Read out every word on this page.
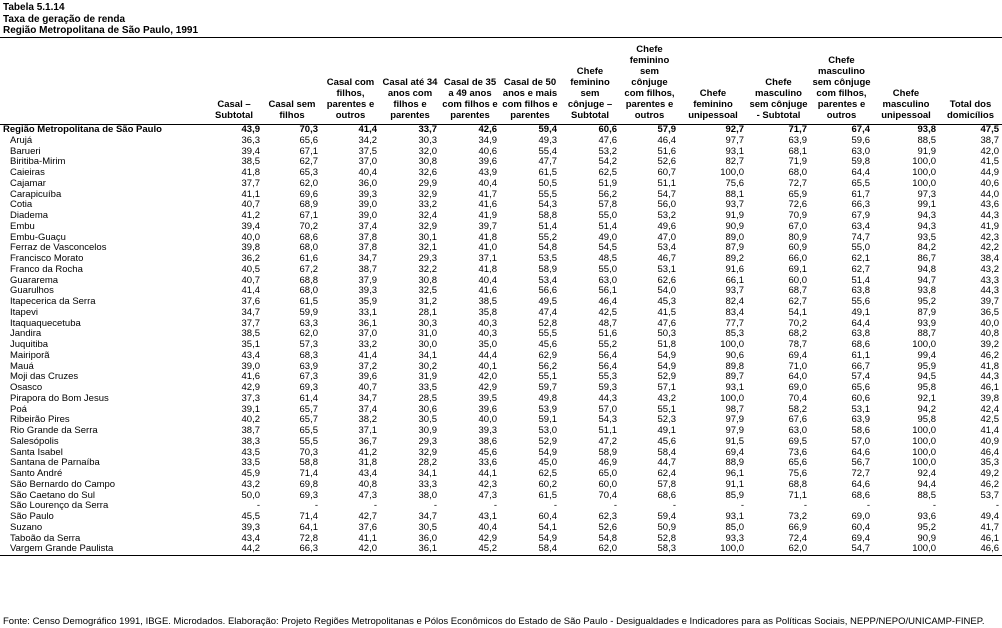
Tabela 5.1.14
Taxa de geração de renda
Região Metropolitana de São Paulo, 1991
	Casal – Subtotal	Casal sem filhos	Casal com filhos, parentes e outros	Casal até 34 anos com filhos e parentes	Casal de 35 a 49 anos com filhos e parentes	Casal de 50 anos e mais com filhos e parentes	Chefe feminino sem cônjuge – Subtotal	Chefe feminino sem cônjuge com filhos, parentes e outros	Chefe feminino unipessoal	Chefe masculino sem cônjuge - Subtotal	Chefe masculino sem cônjuge com filhos, parentes e outros	Chefe masculino unipessoal	Total dos domicílios
Região Metropolitana de São Paulo	43,9	70,3	41,4	33,7	42,6	59,4	60,6	57,9	92,7	71,7	67,4	93,8	47,5
Arujá	36,3	65,6	34,2	30,3	34,9	49,3	47,6	46,4	97,7	63,9	59,6	88,5	38,7
Barueri	39,4	67,1	37,5	32,0	40,6	55,4	53,2	51,6	93,1	68,1	63,0	91,9	42,0
Biritiba-Mirim	38,5	62,7	37,0	30,8	39,6	47,7	54,2	52,6	82,7	71,9	59,8	100,0	41,5
Caieiras	41,8	65,3	40,4	32,6	43,9	61,5	62,5	60,7	100,0	68,0	64,4	100,0	44,9
Cajamar	37,7	62,0	36,0	29,9	40,4	50,5	51,9	51,1	75,6	72,7	65,5	100,0	40,6
Carapicuíba	41,1	69,6	39,3	32,9	41,7	55,5	56,2	54,7	88,1	65,9	61,7	97,3	44,0
Cotia	40,7	68,9	39,0	33,2	41,6	54,3	57,8	56,0	93,7	72,6	66,3	99,1	43,6
Diadema	41,2	67,1	39,0	32,4	41,9	58,8	55,0	53,2	91,9	70,9	67,9	94,3	44,3
Embu	39,4	70,2	37,4	32,9	39,7	51,4	51,4	49,6	90,9	67,0	63,4	94,3	41,9
Embu-Guaçu	40,0	68,6	37,8	30,1	41,8	55,2	49,0	47,0	89,0	80,9	74,7	93,5	42,3
Ferraz de Vasconcelos	39,8	68,0	37,8	32,1	41,0	54,8	54,5	53,4	87,9	60,9	55,0	84,2	42,2
Francisco Morato	36,2	61,6	34,7	29,3	37,1	53,5	48,5	46,7	89,2	66,0	62,1	86,7	38,4
Franco da Rocha	40,5	67,2	38,7	32,2	41,8	58,9	55,0	53,1	91,6	69,1	62,7	94,8	43,2
Guararema	40,7	68,8	37,9	30,8	40,4	53,4	63,0	62,6	66,1	60,0	51,4	94,7	43,3
Guarulhos	41,4	68,0	39,3	32,5	41,6	56,6	56,1	54,0	93,7	68,7	63,8	93,8	44,3
Itapecerica da Serra	37,6	61,5	35,9	31,2	38,5	49,5	46,4	45,3	82,4	62,7	55,6	95,2	39,7
Itapevi	34,7	59,9	33,1	28,1	35,8	47,4	42,5	41,5	83,4	54,1	49,1	87,9	36,5
Itaquaquecetuba	37,7	63,3	36,1	30,3	40,3	52,8	48,7	47,6	77,7	70,2	64,4	93,9	40,0
Jandira	38,5	62,0	37,0	31,0	40,3	55,5	51,6	50,3	85,3	68,2	63,8	88,7	40,8
Juquitiba	35,1	57,3	33,2	30,0	35,0	45,6	55,2	51,8	100,0	78,7	68,6	100,0	39,2
Mairiporã	43,4	68,3	41,4	34,1	44,4	62,9	56,4	54,9	90,6	69,4	61,1	99,4	46,2
Mauá	39,0	63,9	37,2	30,2	40,1	56,2	56,4	54,9	89,8	71,0	66,7	95,9	41,8
Moji das Cruzes	41,6	67,3	39,6	31,9	42,0	55,1	55,3	52,9	89,7	64,0	57,4	94,5	44,3
Osasco	42,9	69,3	40,7	33,5	42,9	59,7	59,3	57,1	93,1	69,0	65,6	95,8	46,1
Pirapora do Bom Jesus	37,3	61,4	34,7	28,5	39,5	49,8	44,3	43,2	100,0	70,4	60,6	92,1	39,8
Poá	39,1	65,7	37,4	30,6	39,6	53,9	57,0	55,1	98,7	58,2	53,1	94,2	42,4
Ribeirão Pires	40,2	65,7	38,2	30,5	40,0	59,1	54,3	52,3	97,9	67,6	63,9	95,8	42,5
Rio Grande da Serra	38,7	65,5	37,1	30,9	39,3	53,0	51,1	49,1	97,9	63,0	58,6	100,0	41,4
Salesópolis	38,3	55,5	36,7	29,3	38,6	52,9	47,2	45,6	91,5	69,5	57,0	100,0	40,9
Santa Isabel	43,5	70,3	41,2	32,9	45,6	54,9	58,9	58,4	69,4	73,6	64,6	100,0	46,4
Santana de Parnaíba	33,5	58,8	31,8	28,2	33,6	45,0	46,9	44,7	88,9	65,6	56,7	100,0	35,3
Santo André	45,9	71,4	43,4	34,1	44,1	62,5	65,0	62,4	96,1	75,6	72,7	92,4	49,2
São Bernardo do Campo	43,2	69,8	40,8	33,3	42,3	60,2	60,0	57,8	91,1	68,8	64,6	94,4	46,2
São Caetano do Sul	50,0	69,3	47,3	38,0	47,3	61,5	70,4	68,6	85,9	71,1	68,6	88,5	53,7
São Lourenço da Serra	-	-	-	-	-	-	-	-	-	-	-	-	-
São Paulo	45,5	71,4	42,7	34,7	43,1	60,4	62,3	59,4	93,1	73,2	69,0	93,6	49,4
Suzano	39,3	64,1	37,6	30,5	40,4	54,1	52,6	50,9	85,0	66,9	60,4	95,2	41,7
Taboão da Serra	43,4	72,8	41,1	36,0	42,9	54,9	54,8	52,8	93,3	72,4	69,4	90,9	46,1
Vargem Grande Paulista	44,2	66,3	42,0	36,1	45,2	58,4	62,0	58,3	100,0	62,0	54,7	100,0	46,6
Fonte: Censo Demográfico 1991, IBGE. Microdados. Elaboração: Projeto Regiões Metropolitanas e Pólos Econômicos do Estado de São Paulo - Desigualdades e Indicadores para as Políticas Sociais, NEPP/NEPO/UNICAMP-FINEP.
